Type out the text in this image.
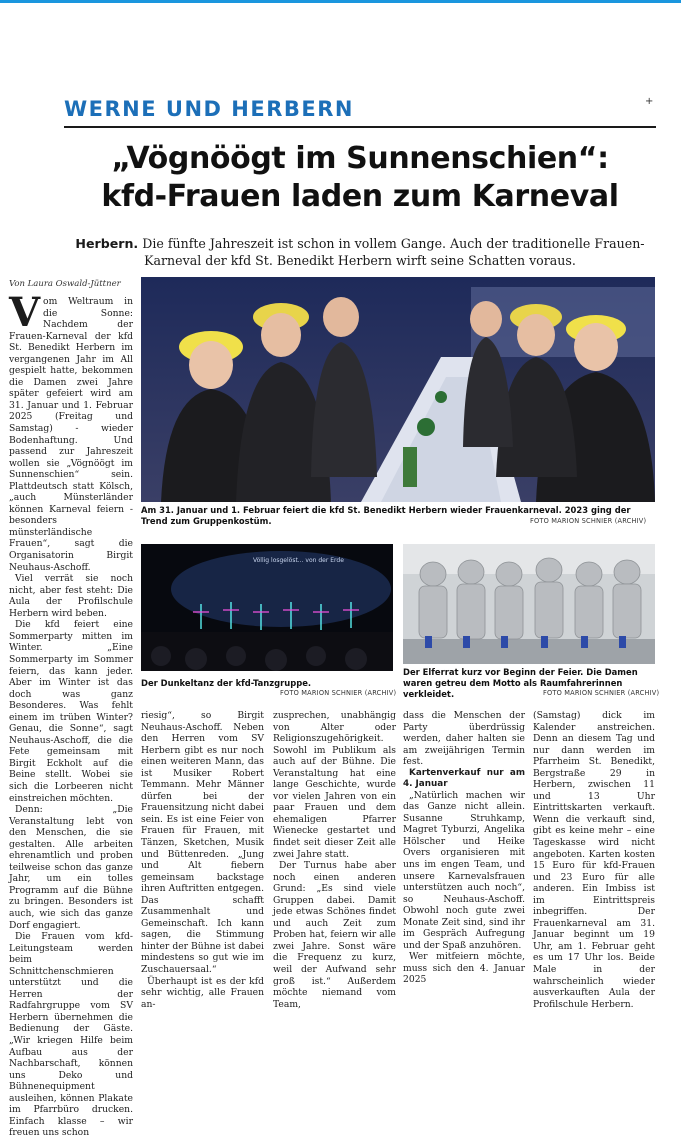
WERNE UND HERBERN	+
„Vögnöögt im Sunnenschien“:
kfd-Frauen laden zum Karneval

Herbern. Die fünfte Jahreszeit ist schon in vollem Gange. Auch der traditionelle Frauen-Karneval der kfd St. Benedikt Herbern wirft seine Schatten voraus.

Von Laura Oswald-Jüttner

Vom Weltraum in die Sonne: Nachdem der Frauen-Karneval der kfd St. Benedikt Herbern im vergangenen Jahr im All gespielt hatte, bekommen die Damen zwei Jahre später gefeiert wird am 31. Januar und 1. Februar 2025 (Freitag und Samstag) - wieder Bodenhaftung. Und passend zur Jahreszeit wollen sie „Vögnöögt im Sunnenschien“ sein. Plattdeutsch statt Kölsch, „auch Münsterländer können Karneval feiern - besonders münsterländische Frauen“, sagt die Organisatorin Birgit Neuhaus-Aschoff.

Viel verrät sie noch nicht, aber fest steht: Die Aula der Profilschule Herbern wird beben.

Die kfd feiert eine Sommerparty mitten im Winter. „Eine Sommerparty im Sommer feiern, das kann jeder. Aber im Winter ist das doch was ganz Besonderes. Was fehlt einem im trüben Winter? Genau, die Sonne“, sagt Neuhaus-Aschoff, die die Fete gemeinsam mit Birgit Eckholt auf die Beine stellt. Wobei sie sich die Lorbeeren nicht einstreichen möchten.

Denn: „Die Veranstaltung lebt von den Menschen, die sie gestalten. Alle arbeiten ehrenamtlich und proben teilweise schon das ganze Jahr, um ein tolles Programm auf die Bühne zu bringen. Besonders ist auch, wie sich das ganze Dorf engagiert.

Die Frauen vom kfd-Leitungsteam werden beim Schnittchenschmieren unterstützt und die Herren der Radfahrgruppe vom SV Herbern übernehmen die Bedienung der Gäste. „Wir kriegen Hilfe beim Aufbau aus der Nachbarschaft, können uns Deko und Bühnenequipment ausleihen, können Plakate im Pfarrbüro drucken. Einfach klasse – wir freuen uns schon

Am 31. Januar und 1. Februar feiert die kfd St. Benedikt Herbern wieder Frauenkarneval. 2023 ging der Trend zum Gruppenkostüm.	FOTO MARION SCHNIER (ARCHIV)

Völlig losgelöst... von der Erde

Der Dunkeltanz der kfd-Tanzgruppe.

FOTO MARION SCHNIER (ARCHIV)

Der Elferrat kurz vor Beginn der Feier. Die Damen waren getreu dem Motto als Raumfahrerinnen verkleidet.	FOTO MARION SCHNIER (ARCHIV)

riesig“, so Birgit Neuhaus-Aschoff. Neben den Herren vom SV Herbern gibt es nur noch einen weiteren Mann, das ist Musiker Robert Temmann. Mehr Männer dürfen bei der Frauensitzung nicht dabei sein. Es ist eine Feier von Frauen für Frauen, mit Tänzen, Sketchen, Musik und Büttenreden. „Jung und Alt fiebern gemeinsam backstage ihren Auftritten entgegen. Das schafft Zusammenhalt und Gemeinschaft. Ich kann sagen, die Stimmung hinter der Bühne ist dabei mindestens so gut wie im Zuschauersaal.“

Überhaupt ist es der kfd sehr wichtig, alle Frauen an-

zusprechen, unabhängig von Alter oder Religionszugehörigkeit. Sowohl im Publikum als auch auf der Bühne. Die Veranstaltung hat eine lange Geschichte, wurde vor vielen Jahren von ein paar Frauen und dem ehemaligen Pfarrer Wienecke gestartet und findet seit dieser Zeit alle zwei Jahre statt.

Der Turnus habe aber noch einen anderen Grund: „Es sind viele Gruppen dabei. Damit jede etwas Schönes findet und auch Zeit zum Proben hat, feiern wir alle zwei Jahre. Sonst wäre die Frequenz zu kurz, weil der Aufwand sehr groß ist.“ Außerdem möchte niemand vom Team,

dass die Menschen der Party überdrüssig werden, daher halten sie am zweijährigen Termin fest.

Kartenverkauf nur am 4. Januar

„Natürlich machen wir das Ganze nicht allein. Susanne Struhkamp, Magret Tyburzi, Angelika Hölscher und Heike Overs organisieren mit uns im engen Team, und unsere Karnevalsfrauen unterstützen auch noch“, so Neuhaus-Aschoff. Obwohl noch gute zwei Monate Zeit sind, sind ihr im Gespräch Aufregung und der Spaß anzuhören.

Wer mitfeiern möchte, muss sich den 4. Januar 2025

(Samstag) dick im Kalender anstreichen. Denn an diesem Tag und nur dann werden im Pfarrheim St. Benedikt, Bergstraße 29 in Herbern, zwischen 11 und 13 Uhr Eintrittskarten verkauft. Wenn die verkauft sind, gibt es keine mehr – eine Tageskasse wird nicht angeboten. Karten kosten 15 Euro für kfd-Frauen und 23 Euro für alle anderen. Ein Imbiss ist im Eintrittspreis inbegriffen. Der Frauenkarneval am 31. Januar beginnt um 19 Uhr, am 1. Februar geht es um 17 Uhr los. Beide Male in der wahrscheinlich wieder ausverkauften Aula der Profilschule Herbern.
